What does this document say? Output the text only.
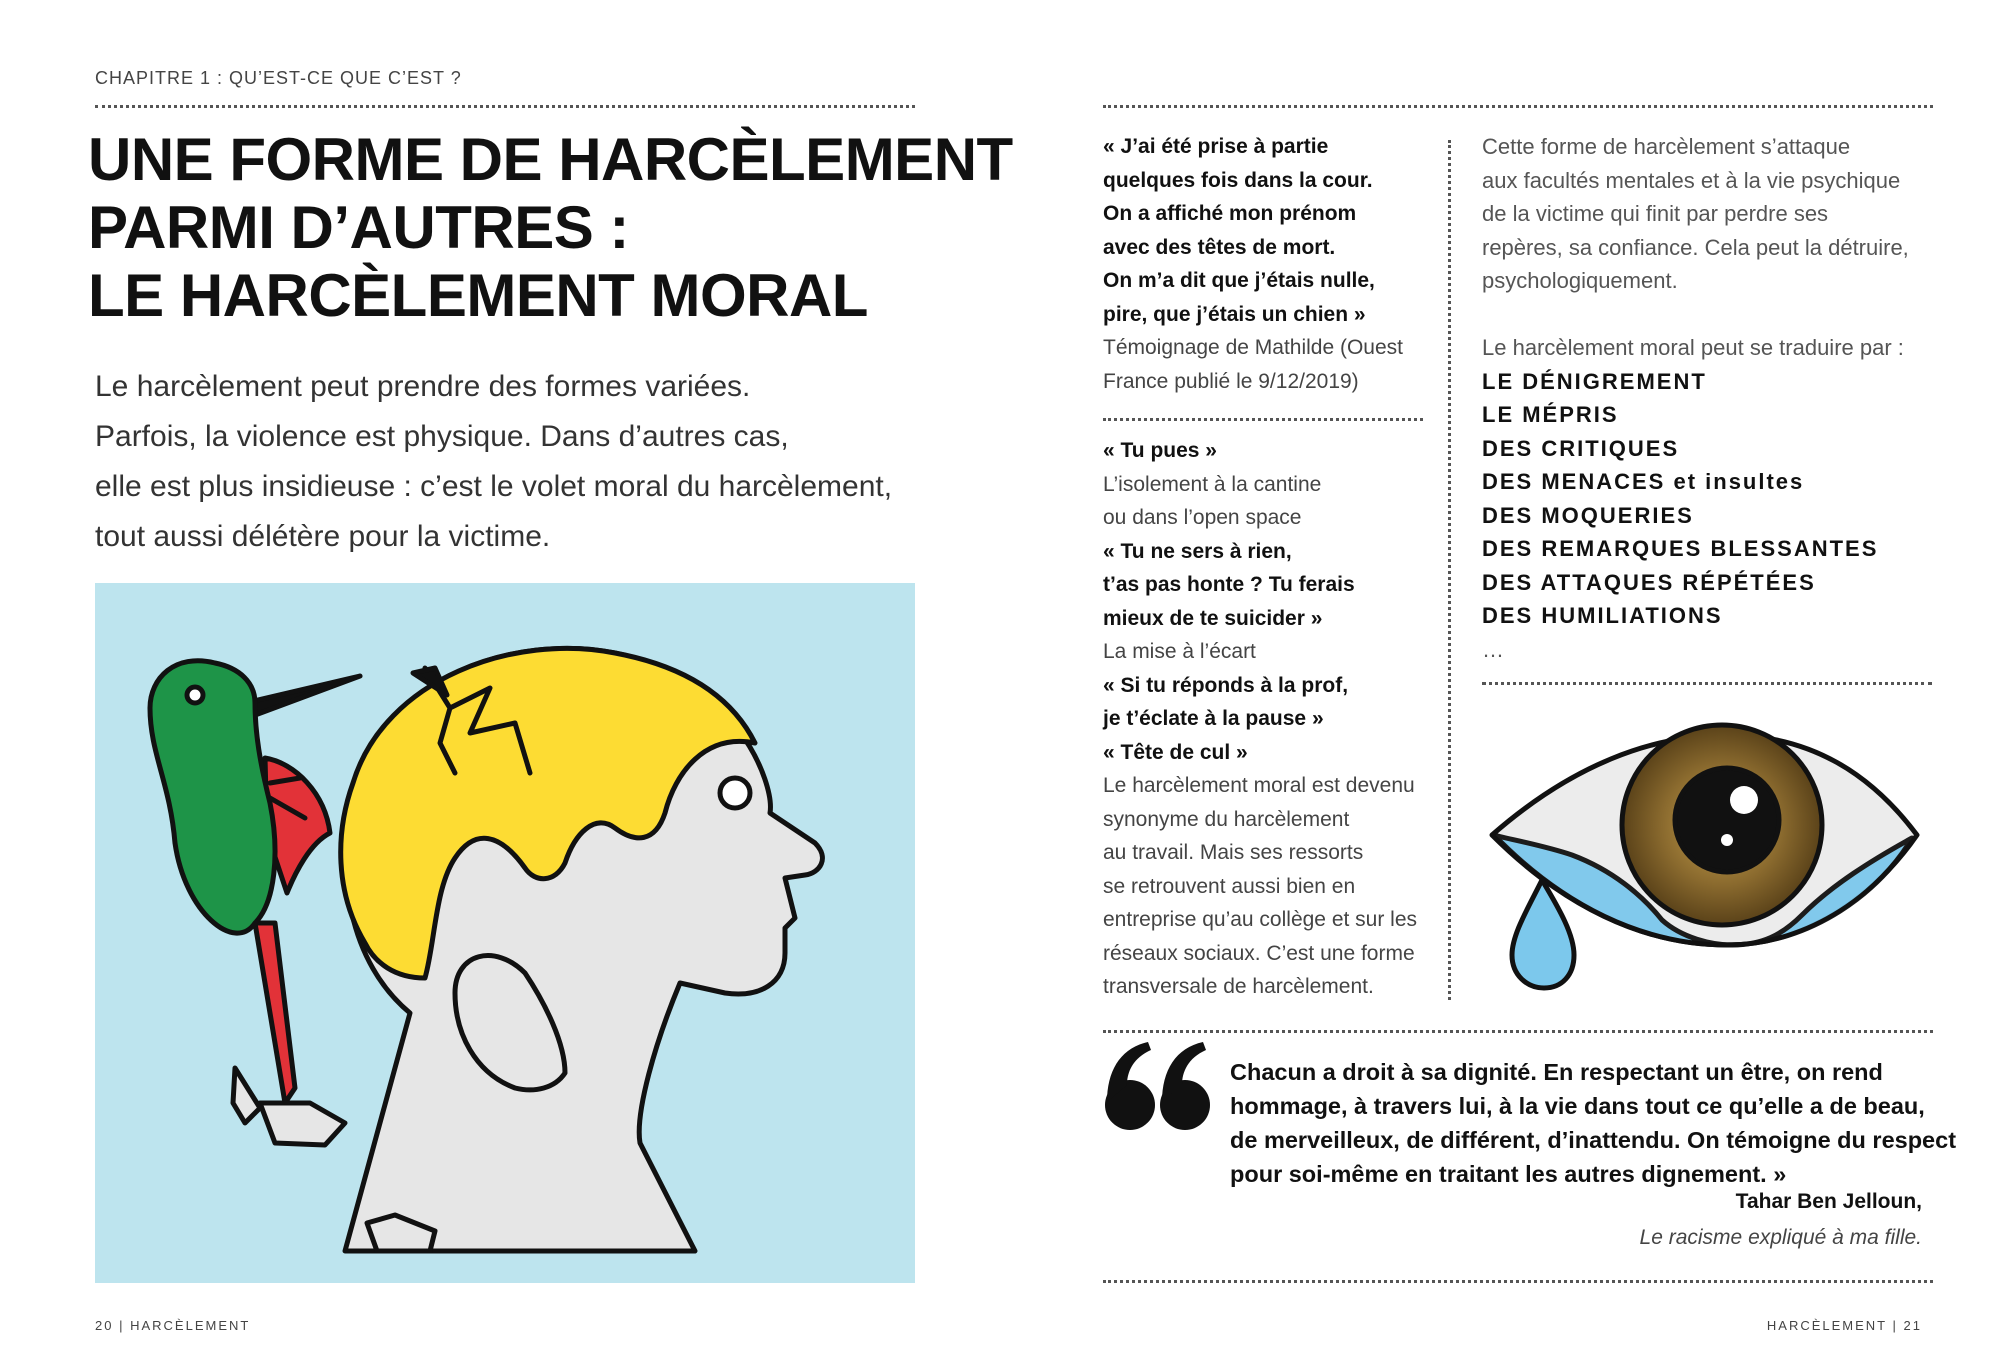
CHAPITRE 1 : QU’EST-CE QUE C’EST ?
UNE FORME DE HARCÈLEMENT
PARMI D’AUTRES :
LE HARCÈLEMENT MORAL
Le harcèlement peut prendre des formes variées.
Parfois, la violence est physique. Dans d’autres cas,
elle est plus insidieuse : c’est le volet moral du harcèlement,
tout aussi délétère pour la victime.
20 | HARCÈLEMENT
« J’ai été prise à partie
quelques fois dans la cour.
On a affiché mon prénom
avec des têtes de mort.
On m’a dit que j’étais nulle,
pire, que j’étais un chien »
Témoignage de Mathilde (Ouest
France publié le 9/12/2019)
« Tu pues »
L’isolement à la cantine
ou dans l’open space
« Tu ne sers à rien,
t’as pas honte ? Tu ferais
mieux de te suicider »
La mise à l’écart
« Si tu réponds à la prof,
je t’éclate à la pause »
« Tête de cul »
Le harcèlement moral est devenu
synonyme du harcèlement
au travail. Mais ses ressorts
se retrouvent aussi bien en
entreprise qu’au collège et sur les
réseaux sociaux. C’est une forme
transversale de harcèlement.
Cette forme de harcèlement s’attaque
aux facultés mentales et à la vie psychique
de la victime qui finit par perdre ses
repères, sa confiance. Cela peut la détruire,
psychologiquement.
Le harcèlement moral peut se traduire par :
LE DÉNIGREMENT
LE MÉPRIS
DES CRITIQUES
DES MENACES et insultes
DES MOQUERIES
DES REMARQUES BLESSANTES
DES ATTAQUES RÉPÉTÉES
DES HUMILIATIONS
…
Chacun a droit à sa dignité. En respectant un être, on rend
hommage, à travers lui, à la vie dans tout ce qu’elle a de beau,
de merveilleux, de différent, d’inattendu. On témoigne du respect
pour soi-même en traitant les autres dignement. »
Tahar Ben Jelloun,
Le racisme expliqué à ma fille.
HARCÈLEMENT | 21
